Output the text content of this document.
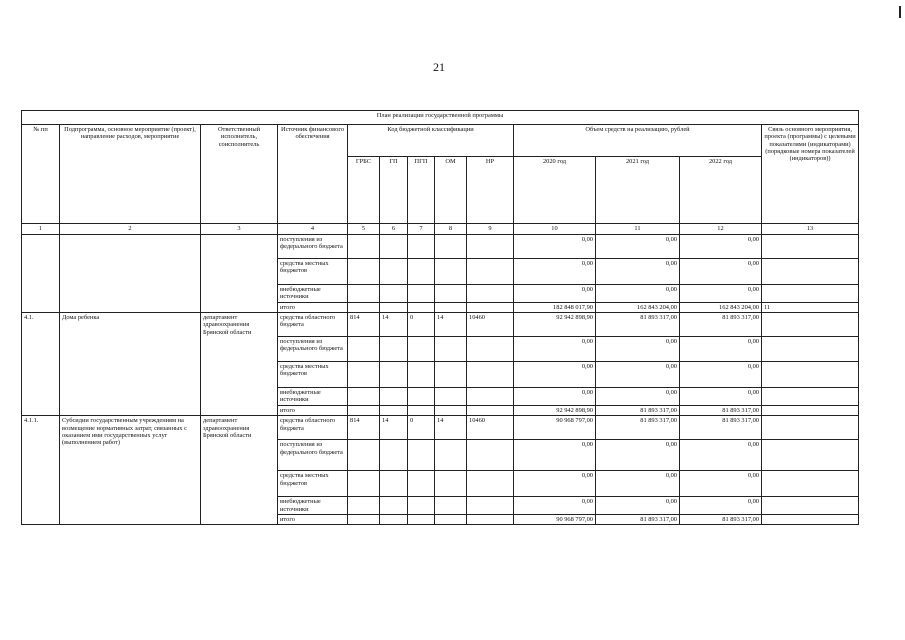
21
План реализации государственной программы												
№ пп	Подпрограмма, основное мероприятие (проект), направление расходов, мероприятие	Ответственный исполнитель, соисполнитель	Источник финансового обеспечения	Код бюджетной классификации					Объем средств на реализацию, рублей			Связь основного мероприятия, проекта (программы) с целевыми показателями (индикаторами) (порядковые номера показателей (индикаторов))
				ГРБС	ГП	ПГП	ОМ	НР	2020 год	2021 год	2022 год	
1	2	3	4	5	6	7	8	9	10	11	12	13
			поступления из федерального бюджета						0,00	0,00	0,00	
			средства местных бюджетов						0,00	0,00	0,00	
			внебюджетные источники						0,00	0,00	0,00	
			итого						182 848 017,90	162 843 204,00	162 843 204,00	11
4.1.	Дома ребенка	департамент здравоохранения Брянской области	средства областного бюджета	814	14	0	14	10460	92 942 898,90	81 893 317,00	81 893 317,00	
			поступления из федерального бюджета						0,00	0,00	0,00	
			средства местных бюджетов						0,00	0,00	0,00	
			внебюджетные источники						0,00	0,00	0,00	
			итого						92 942 898,90	81 893 317,00	81 893 317,00	
4.1.1.	Субсидии государственным учреждениям на возмещение нормативных затрат, связанных с оказанием ими государственных услуг (выполнением работ)	департамент здравоохранения Брянской области	средства областного бюджета	814	14	0	14	10460	90 968 797,00	81 893 317,00	81 893 317,00	
			поступления из федерального бюджета						0,00	0,00	0,00	
			средства местных бюджетов						0,00	0,00	0,00	
			внебюджетные источники						0,00	0,00	0,00	
			итого						90 968 797,00	81 893 317,00	81 893 317,00	
